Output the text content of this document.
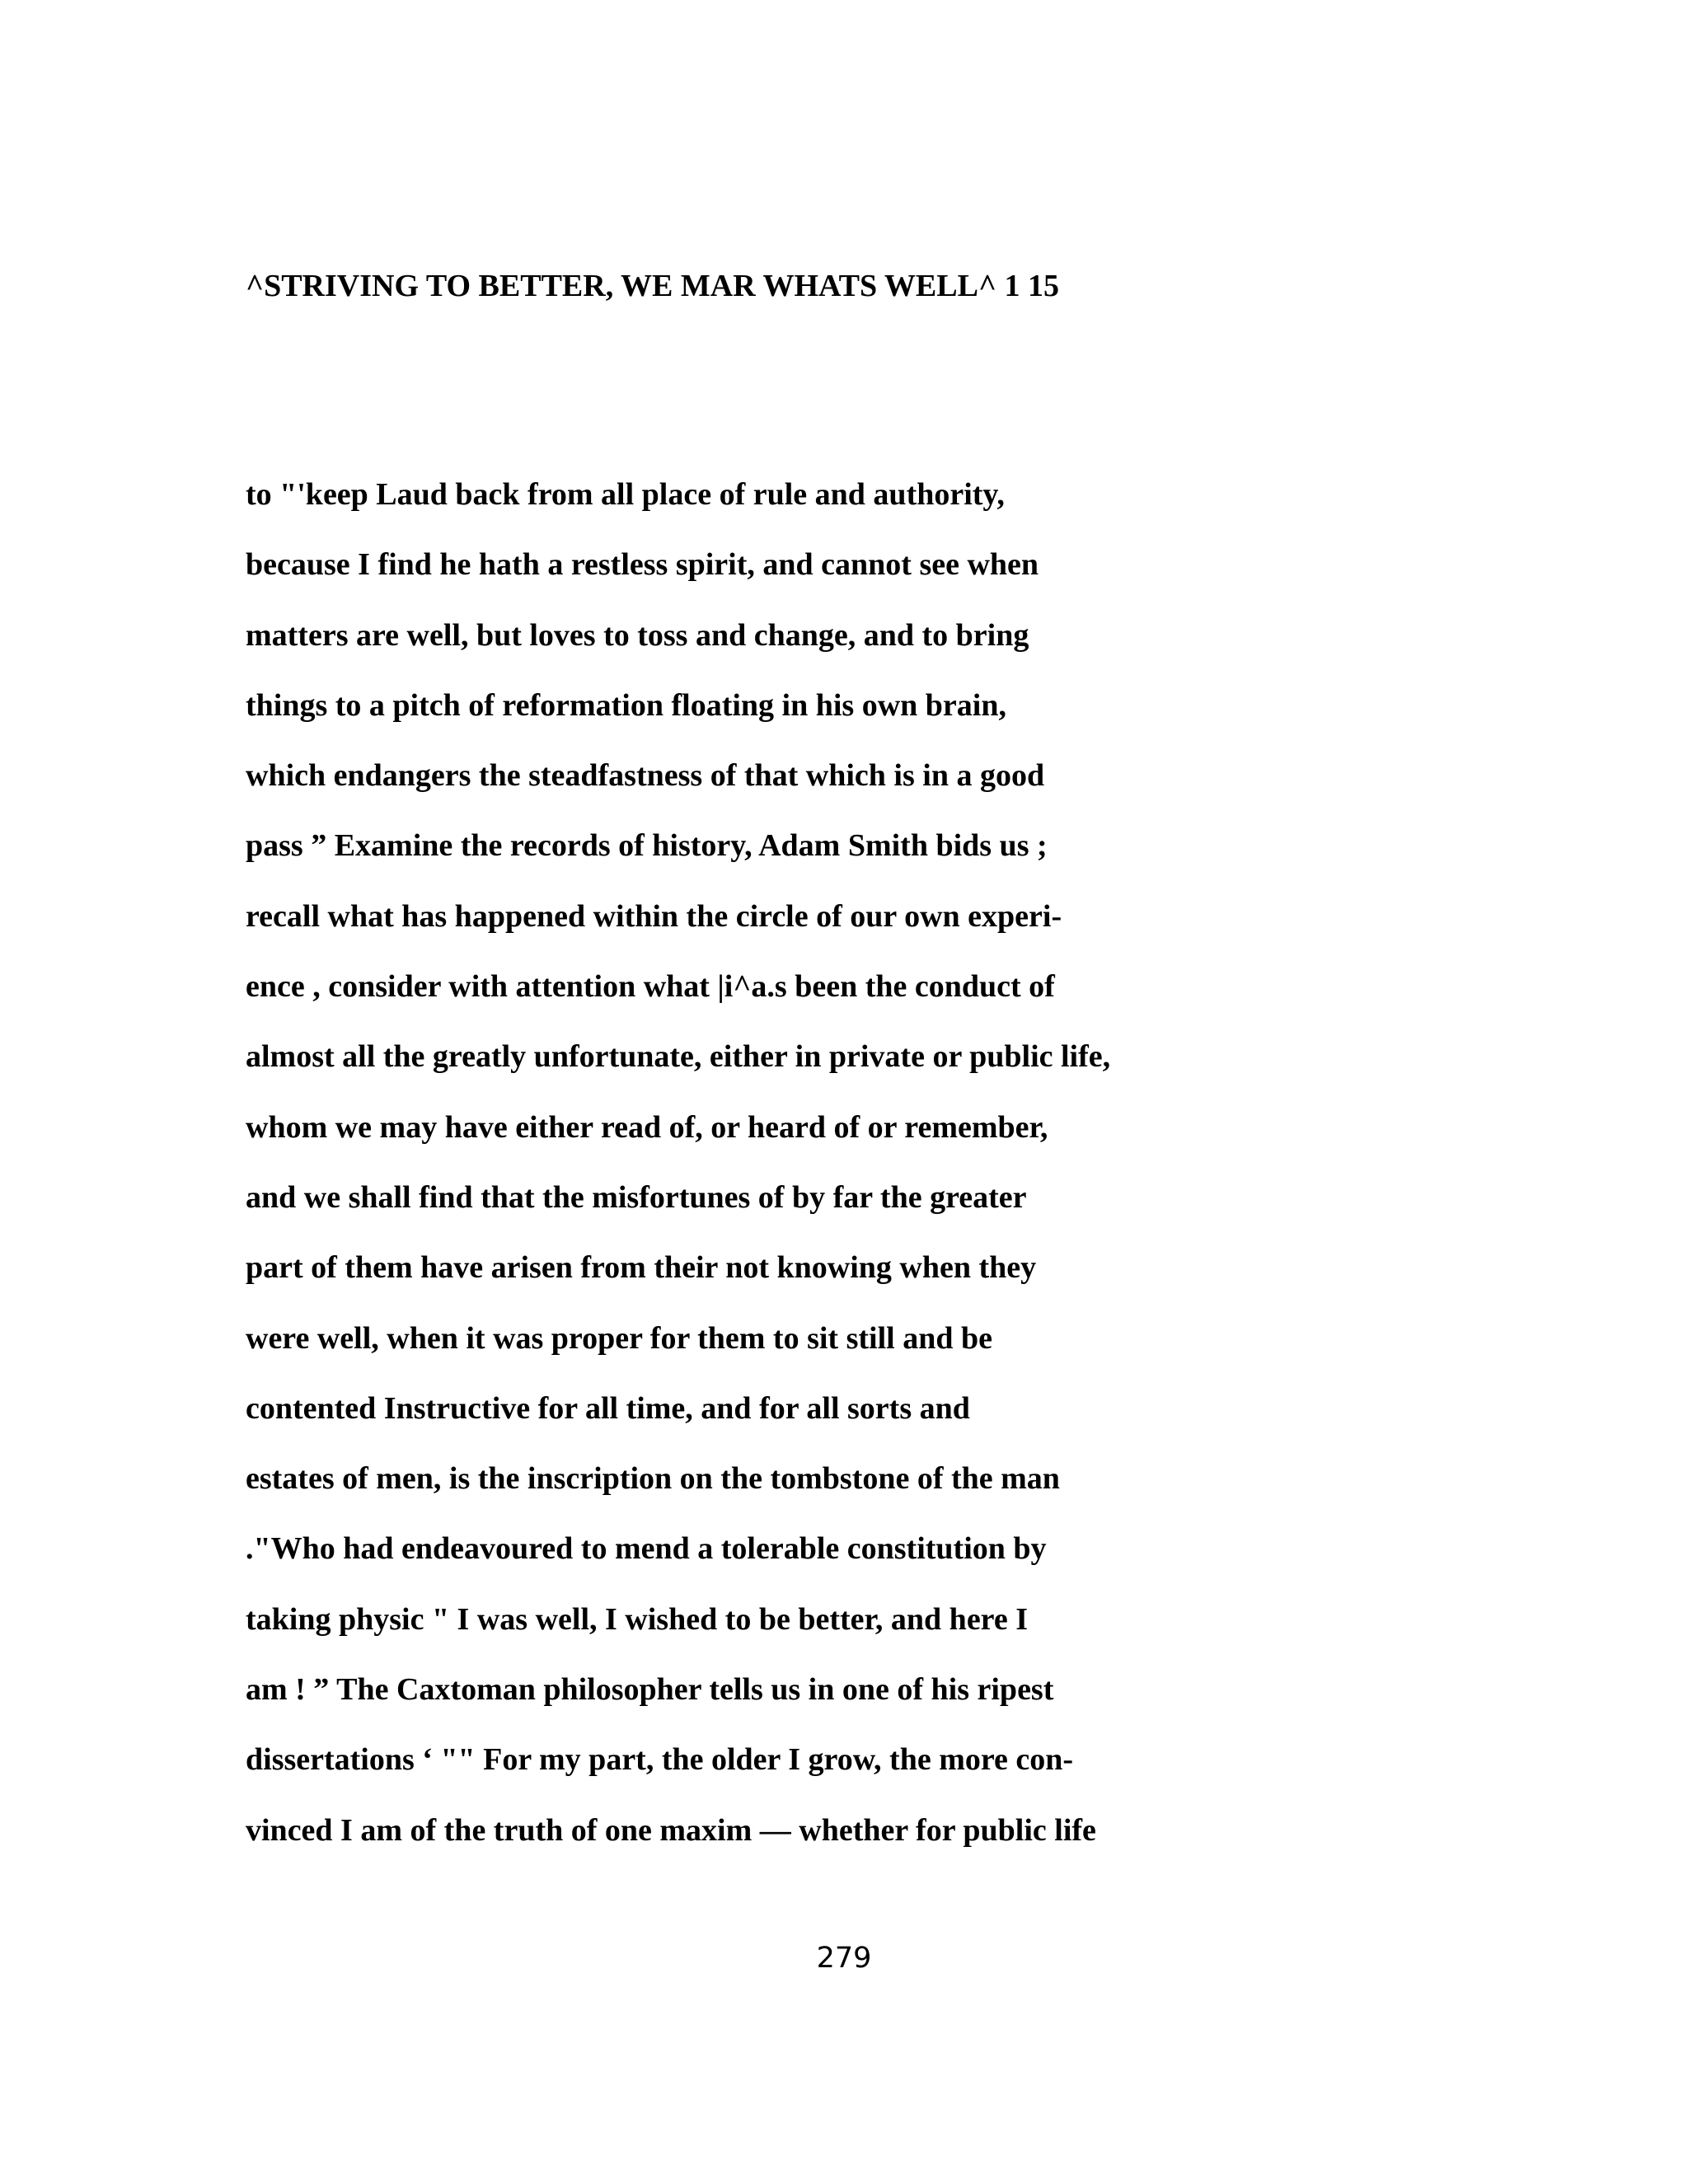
^STRIVING TO BETTER, WE MAR WHATS WELL^ 1 15

to "'keep Laud back from all place of rule and authority,
because I find he hath a restless spirit, and cannot see when
matters are well, but loves to toss and change, and to bring
things to a pitch of reformation floating in his own brain,
which endangers the steadfastness of that which is in a good
pass ” Examine the records of history, Adam Smith bids us ;
recall what has happened within the circle of our own experi-
ence , consider with attention what |i^a.s been the conduct of
almost all the greatly unfortunate, either in private or public life,
whom we may have either read of, or heard of or remember,
and we shall find that the misfortunes of by far the greater
part of them have arisen from their not knowing when they
were well, when it was proper for them to sit still and be
contented Instructive for all time, and for all sorts and
estates of men, is the inscription on the tombstone of the man
."Who had endeavoured to mend a tolerable constitution by
taking physic " I was well, I wished to be better, and here I
am ! ” The Caxtoman philosopher tells us in one of his ripest
dissertations ‘ "" For my part, the older I grow, the more con-
vinced I am of the truth of one maxim — whether for public life
279
